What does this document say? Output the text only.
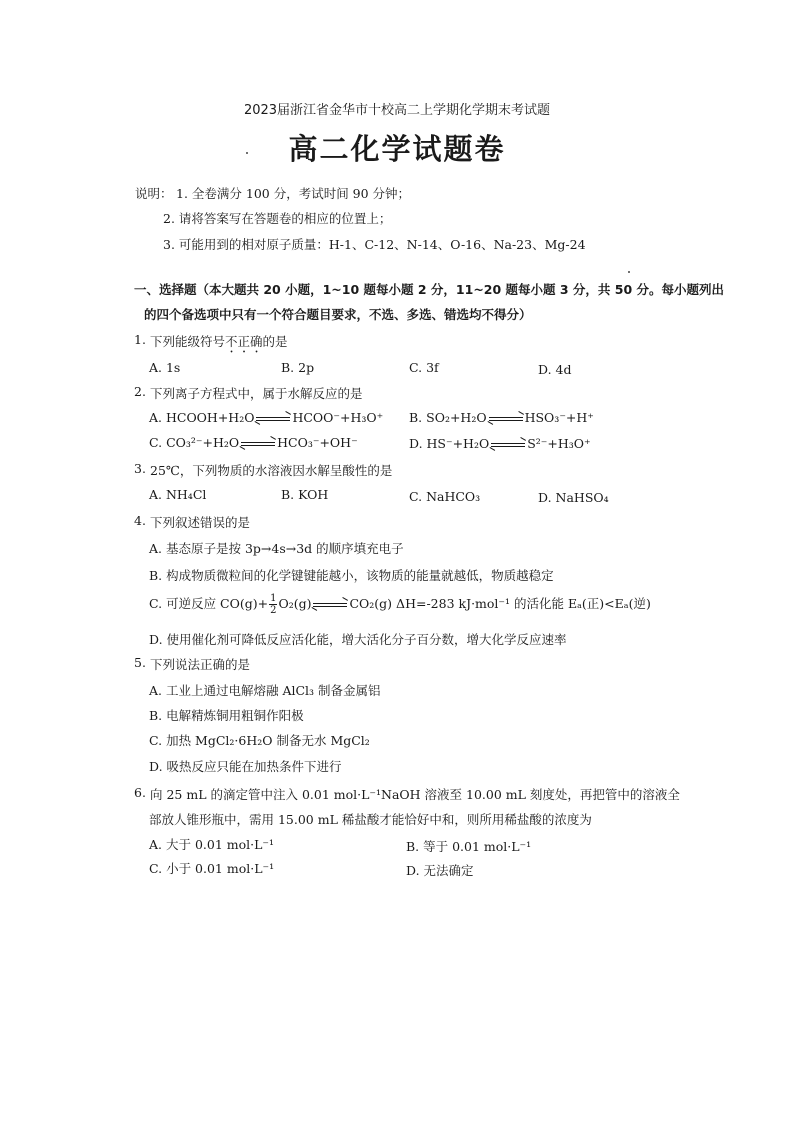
2023届浙江省金华市十校高二上学期化学期末考试题
高二化学试题卷
说明： 1. 全卷满分 100 分，考试时间 90 分钟；
2. 请将答案写在答题卷的相应的位置上；
3. 可能用到的相对原子质量：H-1、C-12、N-14、O-16、Na-23、Mg-24
一、选择题（本大题共 20 小题，1~10 题每小题 2 分，11~20 题每小题 3 分，共 50 分。每小题列出
的四个备选项中只有一个符合题目要求，不选、多选、错选均不得分）
1. 下列能级符号不正确的是
A. 1s	B. 2p	C. 3f	D. 4d
2. 下列离子方程式中，属于水解反应的是
A. HCOOH+H₂O	HCOO⁻+H₃O⁺ B. SO₂+H₂O	HSO₃⁻+H⁺
C. CO₃²⁻+H₂O	HCO₃⁻+OH⁻	D. HS⁻+H₂O	S²⁻+H₃O⁺
3. 25℃，下列物质的水溶液因水解呈酸性的是
A. NH₄Cl	B. KOH	C. NaHCO₃	D. NaHSO₄
4. 下列叙述错误的是
A. 基态原子是按 3p→4s→3d 的顺序填充电子
B. 构成物质微粒间的化学键键能越小，该物质的能量就越低，物质越稳定
C. 可逆反应 $CO(g)+ \frac{1}{2} O_2(g)$	CO₂(g) ΔH=-283 kJ·mol⁻¹ 的活化能 Eₐ(正)<Eₐ(逆)
D. 使用催化剂可降低反应活化能，增大活化分子百分数，增大化学反应速率
5. 下列说法正确的是
A. 工业上通过电解熔融 AlCl₃ 制备金属铝
B. 电解精炼铜用粗铜作阳极
C. 加热 MgCl₂·6H₂O 制备无水 MgCl₂
D. 吸热反应只能在加热条件下进行
6. 向 25 mL 的滴定管中注入 0.01 mol·L⁻¹NaOH 溶液至 10.00 mL 刻度处，再把管中的溶液全
部放人锥形瓶中，需用 15.00 mL 稀盐酸才能恰好中和，则所用稀盐酸的浓度为
A. 大于 0.01 mol·L⁻¹	B. 等于 0.01 mol·L⁻¹
C. 小于 0.01 mol·L⁻¹	D. 无法确定
